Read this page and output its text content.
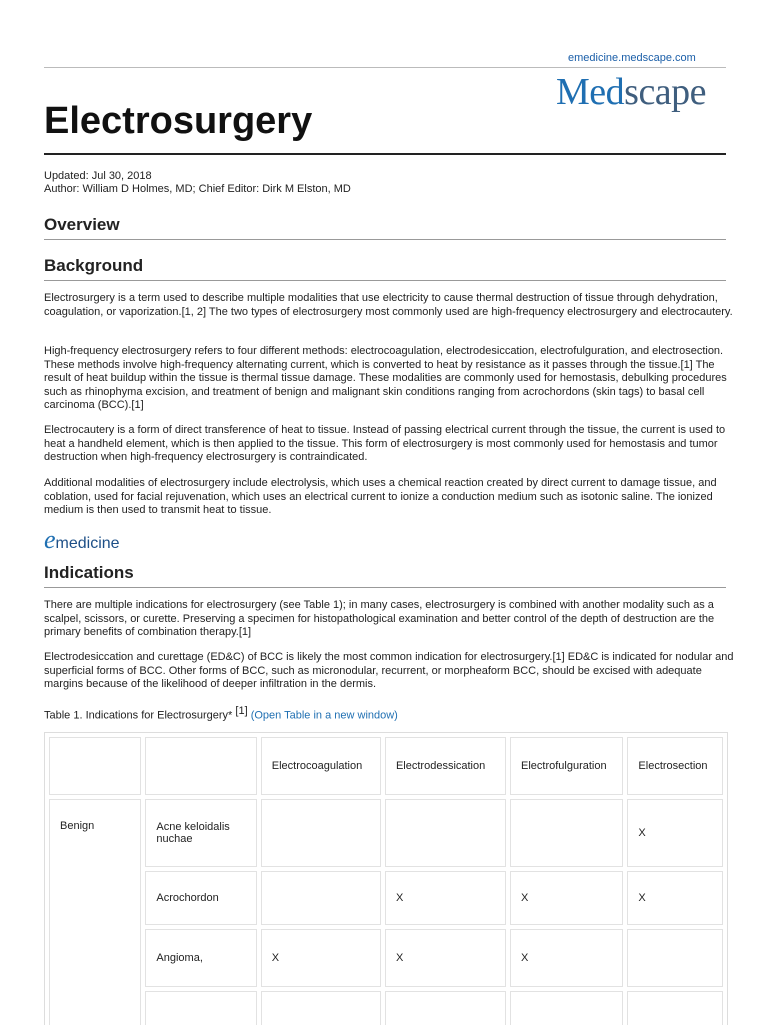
emedicine.medscape.com
Medscape
Electrosurgery
Updated: Jul 30, 2018
Author: William D Holmes, MD; Chief Editor: Dirk M Elston, MD
Overview
Background

Electrosurgery is a term used to describe multiple modalities that use electricity to cause thermal destruction of tissue through dehydration, coagulation, or vaporization.[1, 2] The two types of electrosurgery most commonly used are high-frequency electrosurgery and electrocautery.

High-frequency electrosurgery refers to four different methods: electrocoagulation, electrodesiccation, electrofulguration, and electrosection. These methods involve high-frequency alternating current, which is converted to heat by resistance as it passes through the tissue.[1] The result of heat buildup within the tissue is thermal tissue damage. These modalities are commonly used for hemostasis, debulking procedures such as rhinophyma excision, and treatment of benign and malignant skin conditions ranging from acrochordons (skin tags) to basal cell carcinoma (BCC).[1]

Electrocautery is a form of direct transference of heat to tissue. Instead of passing electrical current through the tissue, the current is used to heat a handheld element, which is then applied to the tissue. This form of electrosurgery is most commonly used for hemostasis and tumor destruction when high-frequency electrosurgery is contraindicated.

Additional modalities of electrosurgery include electrolysis, which uses a chemical reaction created by direct current to damage tissue, and coblation, used for facial rejuvenation, which uses an electrical current to ionize a conduction medium such as isotonic saline. The ionized medium is then used to transmit heat to tissue.

emedicine
Indications

There are multiple indications for electrosurgery (see Table 1); in many cases, electrosurgery is combined with another modality such as a scalpel, scissors, or curette. Preserving a specimen for histopathological examination and better control of the depth of destruction are the primary benefits of combination therapy.[1]

Electrodesiccation and curettage (ED&C) of BCC is likely the most common indication for electrosurgery.[1] ED&C is indicated for nodular and superficial forms of BCC. Other forms of BCC, such as micronodular, recurrent, or morpheaform BCC, should be excised with adequate margins because of the likelihood of deeper infiltration in the dermis.

Table 1. Indications for Electrosurgery* [1] (Open Table in a new window)
		Electrocoagulation	Electrodessication	Electrofulguration	Electrosection
Benign	Acne keloidalis nuchae				X
	Acrochordon		X	X	X
	Angioma,	X	X	X	
